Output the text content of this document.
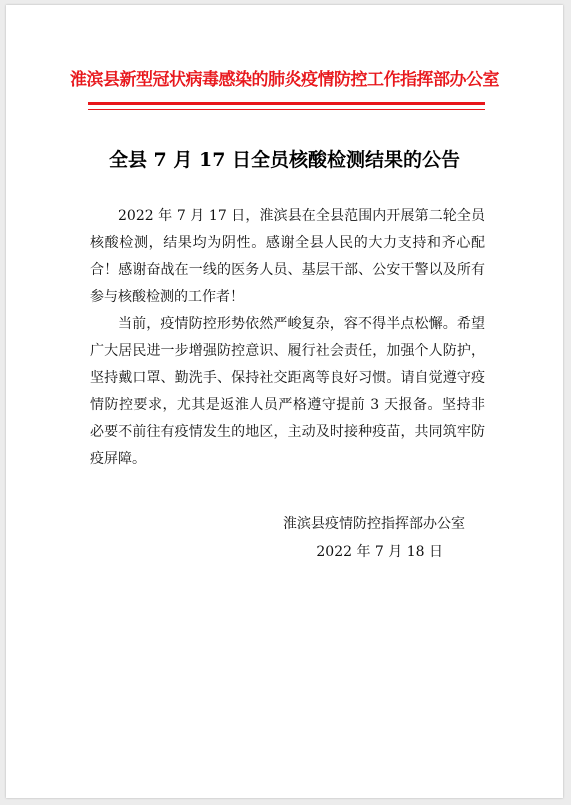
淮滨县新型冠状病毒感染的肺炎疫情防控工作指挥部办公室
全县 7 月 17 日全员核酸检测结果的公告

2022 年 7 月 17 日，淮滨县在全县范围内开展第二轮全员核酸检测，结果均为阴性。感谢全县人民的大力支持和齐心配合！感谢奋战在一线的医务人员、基层干部、公安干警以及所有参与核酸检测的工作者！

当前，疫情防控形势依然严峻复杂，容不得半点松懈。希望广大居民进一步增强防控意识、履行社会责任，加强个人防护，坚持戴口罩、勤洗手、保持社交距离等良好习惯。请自觉遵守疫情防控要求，尤其是返淮人员严格遵守提前 3 天报备。坚持非必要不前往有疫情发生的地区，主动及时接种疫苗，共同筑牢防疫屏障。

淮滨县疫情防控指挥部办公室
2022 年 7 月 18 日
